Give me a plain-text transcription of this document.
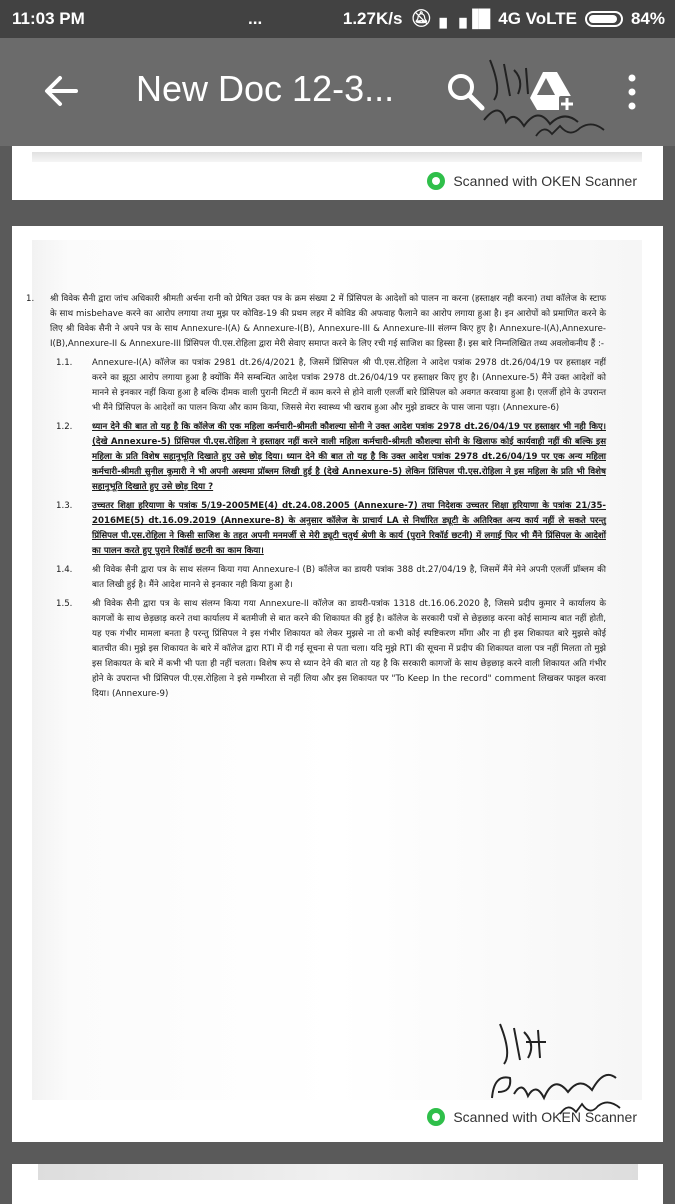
11:03 PM	...	1.27K/s 🔕︎ ▖▗▐█ 4G VoLTE	84%
New Doc 12-3...
Scanned with OKEN Scanner

1. श्री विवेक सैनी द्वारा जांच अधिकारी श्रीमती अर्चना रानी को प्रेषित उक्त पत्र के क्रम संख्या 2 में प्रिंसिपल के आदेशों को पालन ना करना (हस्ताक्षर नही करना) तथा कॉलेज के स्टाफ के साथ misbehave करने का आरोप लगाया तथा मुझ पर कोविड-19 की प्रथम लहर में कोविड की अफवाह फैलाने का आरोप लगाया हुआ है। इन आरोपों को प्रमाणित करने के लिए श्री विवेक सैनी ने अपने पत्र के साथ Annexure-I(A) & Annexure-I(B), Annexure-III & Annexure-III संलग्न किए हुए है। Annexure-I(A),Annexure-I(B),Annexure-II & Annexure-III प्रिंसिपल पी.एस.रोहिला द्वारा मेरी सेवाए समाप्त करने के लिए रची गई साजिश का हिस्सा हैं। इस बारे निम्नलिखित तथ्य अवलोकनीय हैं :-

1.1. Annexure-I(A) कॉलेज का पत्रांक 2981 dt.26/4/2021 है, जिसमें प्रिंसिपल श्री पी.एस.रोहिला ने आदेश पत्रांक 2978 dt.26/04/19 पर हस्ताक्षर नहीं करने का झूठा आरोप लगाया हुआ है क्योंकि मैंने सम्बन्धित आदेश पत्रांक 2978 dt.26/04/19 पर हस्ताक्षर किए हुए है। (Annexure-5) मैंने उक्त आदेशों को मानने से इनकार नहीं किया हुआ है बल्कि दीमक वाली पुरानी मिटटी में काम करने से होने वाली एलर्जी बारे प्रिंसिपल को अवगत करवाया हुआ है। एलर्जी होने के उपरान्त भी मैंने प्रिंसिपल के आदेशों का पालन किया और काम किया, जिससे मेरा स्वास्थ्य भी खराब हुआ और मुझे डाक्टर के पास जाना पड़ा। (Annexure-6)

1.2. ध्यान देने की बात तो यह है कि कॉलेज की एक महिला कर्मचारी-श्रीमती कौशल्या सोनी ने उक्त आदेश पत्रांक 2978 dt.26/04/19 पर हस्ताक्षर भी नही किए। (देखे Annexure-5) प्रिंसिपल पी.एस.रोहिला ने हस्ताक्षर नहीं करने वाली महिला कर्मचारी-श्रीमती कौशल्या सोनी के खिलाफ कोई कार्यवाही नहीं की बल्कि इस महिला के प्रति विशेष सहानुभूति दिखाते हुए उसे छोड़ दिया। ध्यान देने की बात तो यह है कि उक्त आदेश पत्रांक 2978 dt.26/04/19 पर एक अन्य महिला कर्मचारी-श्रीमती सुनील कुमारी ने भी अपनी अस्थमा प्रॉब्लम लिखी हुई है (देखे Annexure-5) लेकिन प्रिंसिपल पी.एस.रोहिला ने इस महिला के प्रति भी विशेष सहानुभूति दिखाते हुए उसे छोड़ दिया ?

1.3. उच्चतर शिक्षा हरियाणा के पत्रांक 5/19-2005ME(4) dt.24.08.2005 (Annexure-7) तथा निदेशक उच्चतर शिक्षा हरियाणा के पत्रांक 21/35-2016ME(5) dt.16.09.2019 (Annexure-8) के अनुसार कॉलेज के प्राचार्य LA से निर्धारित ड्यूटी के अतिरिक्त अन्य कार्य नहीं ले सकते परन्तु प्रिंसिपल पी.एस.रोहिला ने किसी साजिश के तहत अपनी मनमर्जी से मेरी ड्यूटी चतुर्थ श्रेणी के कार्य (पुराने रिकॉर्ड छटनी) में लगाई फिर भी मैंने प्रिंसिपल के आदेशों का पालन करते हुए पुराने रिकॉर्ड छटनी का काम किया।

1.4. श्री विवेक सैनी द्वारा पत्र के साथ संलग्न किया गया Annexure-I (B) कॉलेज का डायरी पत्रांक 388 dt.27/04/19 है, जिसमें मैंने मेने अपनी एलर्जी प्रॉब्लम की बात लिखी हुई है। मैंने आदेश मानने से इनकार नही किया हुआ है।

1.5. श्री विवेक सैनी द्वारा पत्र के साथ संलग्न किया गया Annexure-II कॉलेज का डायरी-पत्रांक 1318 dt.16.06.2020 है, जिसमे प्रदीप कुमार ने कार्यालय के कागजों के साथ छेड़छाड़ करने तथा कार्यालय में बतमीजी से बात करने की शिकायत की हुई है। कॉलेज के सरकारी पत्रों से छेड़छाड़ करना कोई सामान्य बात नहीं होती, यह एक गंभीर मामला बनता है परन्तु प्रिंसिपल ने इस गंभीर शिकायत को लेकर मुझसे ना तो कभी कोई स्पष्टिकरण माँगा और ना ही इस शिकायत बारे मुझसे कोई बातचीत की। मुझे इस शिकायत के बारे में कॉलेज द्वारा RTI में दी गई सूचना से पता चला। यदि मुझे RTI की सूचना में प्रदीप की शिकायत वाला पत्र नहीं मिलता तो मुझे इस शिकायत के बारे में कभी भी पता ही नहीं चलता। विशेष रूप से ध्यान देने की बात तो यह है कि सरकारी कागजों के साथ छेड़छाड़ करने वाली शिकायत अति गंभीर होने के उपरान्त भी प्रिंसिपल पी.एस.रोहिला ने इसे गम्भीरता से नहीं लिया और इस शिकायत पर "To Keep In the record" comment लिखकर फाइल करवा दिया। (Annexure-9)

Scanned with OKEN Scanner
